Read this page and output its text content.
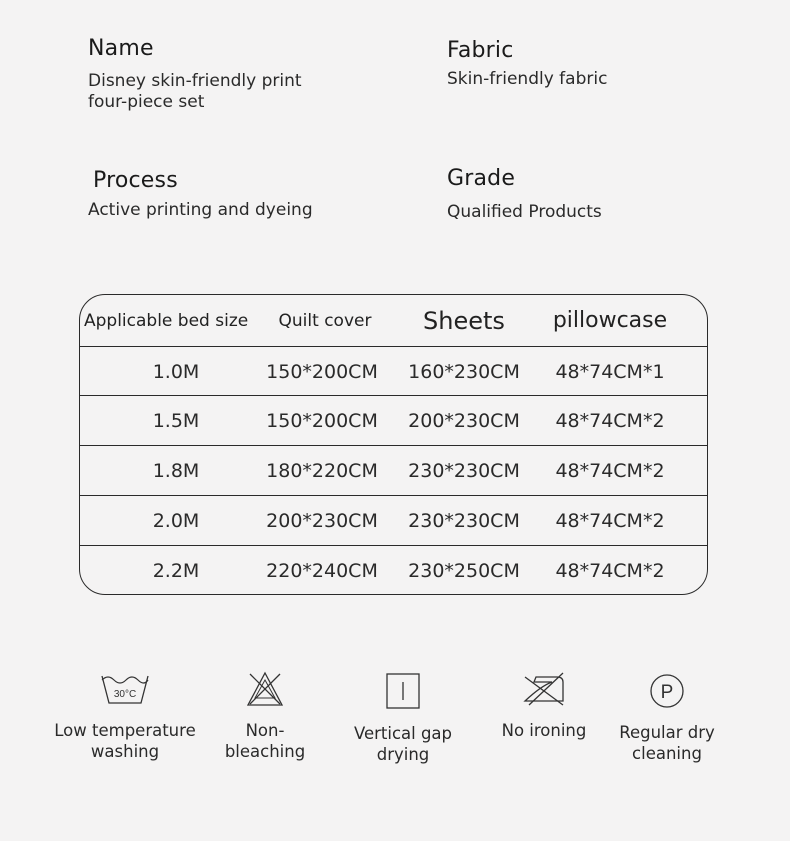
Name
Disney skin-friendly print
four-piece set
Fabric
Skin-friendly fabric
Process
Active printing and dyeing
Grade
Qualified Products
Applicable bed size	Quilt cover	Sheets	pillowcase
1.0M	150*200CM	160*230CM	48*74CM*1
1.5M	150*200CM	200*230CM	48*74CM*2
1.8M	180*220CM	230*230CM	48*74CM*2
2.0M	200*230CM	230*230CM	48*74CM*2
2.2M	220*240CM	230*250CM	48*74CM*2
30°C
Low temperature
washing
Non-bleaching
Vertical gap
drying
No ironing
P
Regular dry
cleaning
